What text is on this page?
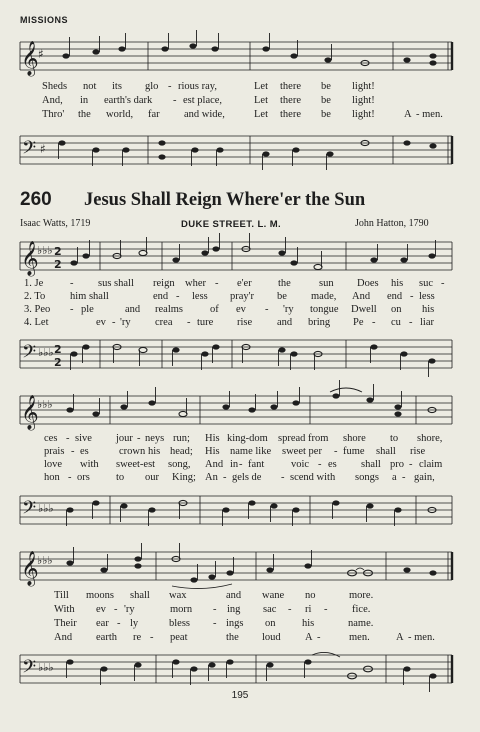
MISSIONS
𝄞 ♯
Sheds not its glo - rious ray,	Let there be light!
And, in earth's dark - est place,	Let there be light!
Thro' the world, far and wide,	Let there be light!	A - men.
𝄢 ♯
260 Jesus Shall Reign Where'er the Sun
Isaac Watts, 1719	DUKE STREET. L. M.	John Hatton, 1790
𝄞
♭♭♭ 2
2
1. Je	- sus shall reign wher - e'er	the	sun Does his suc -
2. To him shall	end - less pray'r be made, And end - less
3. Peo - ple	and realms	of ev - 'ry tongue Dwell on his
4. Let	ev - 'ry crea - ture rise and bring Pe - cu - liar
𝄢 ♭♭♭ 2
2
𝄞
♭♭♭
ces - sive jour - neys run; His king-dom spread from shore to shore,
prais - es	crown his head; His name like sweet per - fume shall rise
love with sweet-est song, And in - fant	voic - es shall pro - claim
hon - ors to our King; An - gels de - scend with songs a - gain,
𝄢 ♭♭♭
𝄞
♭♭♭
Till moons shall wax	and wane no	more.
With ev - 'ry	morn - ing sac - ri - fice.
Their ear - ly	bless - ings on	his	name.
And earth re - peat	the loud A -	men.	A - men.
𝄢 ♭♭♭
195
